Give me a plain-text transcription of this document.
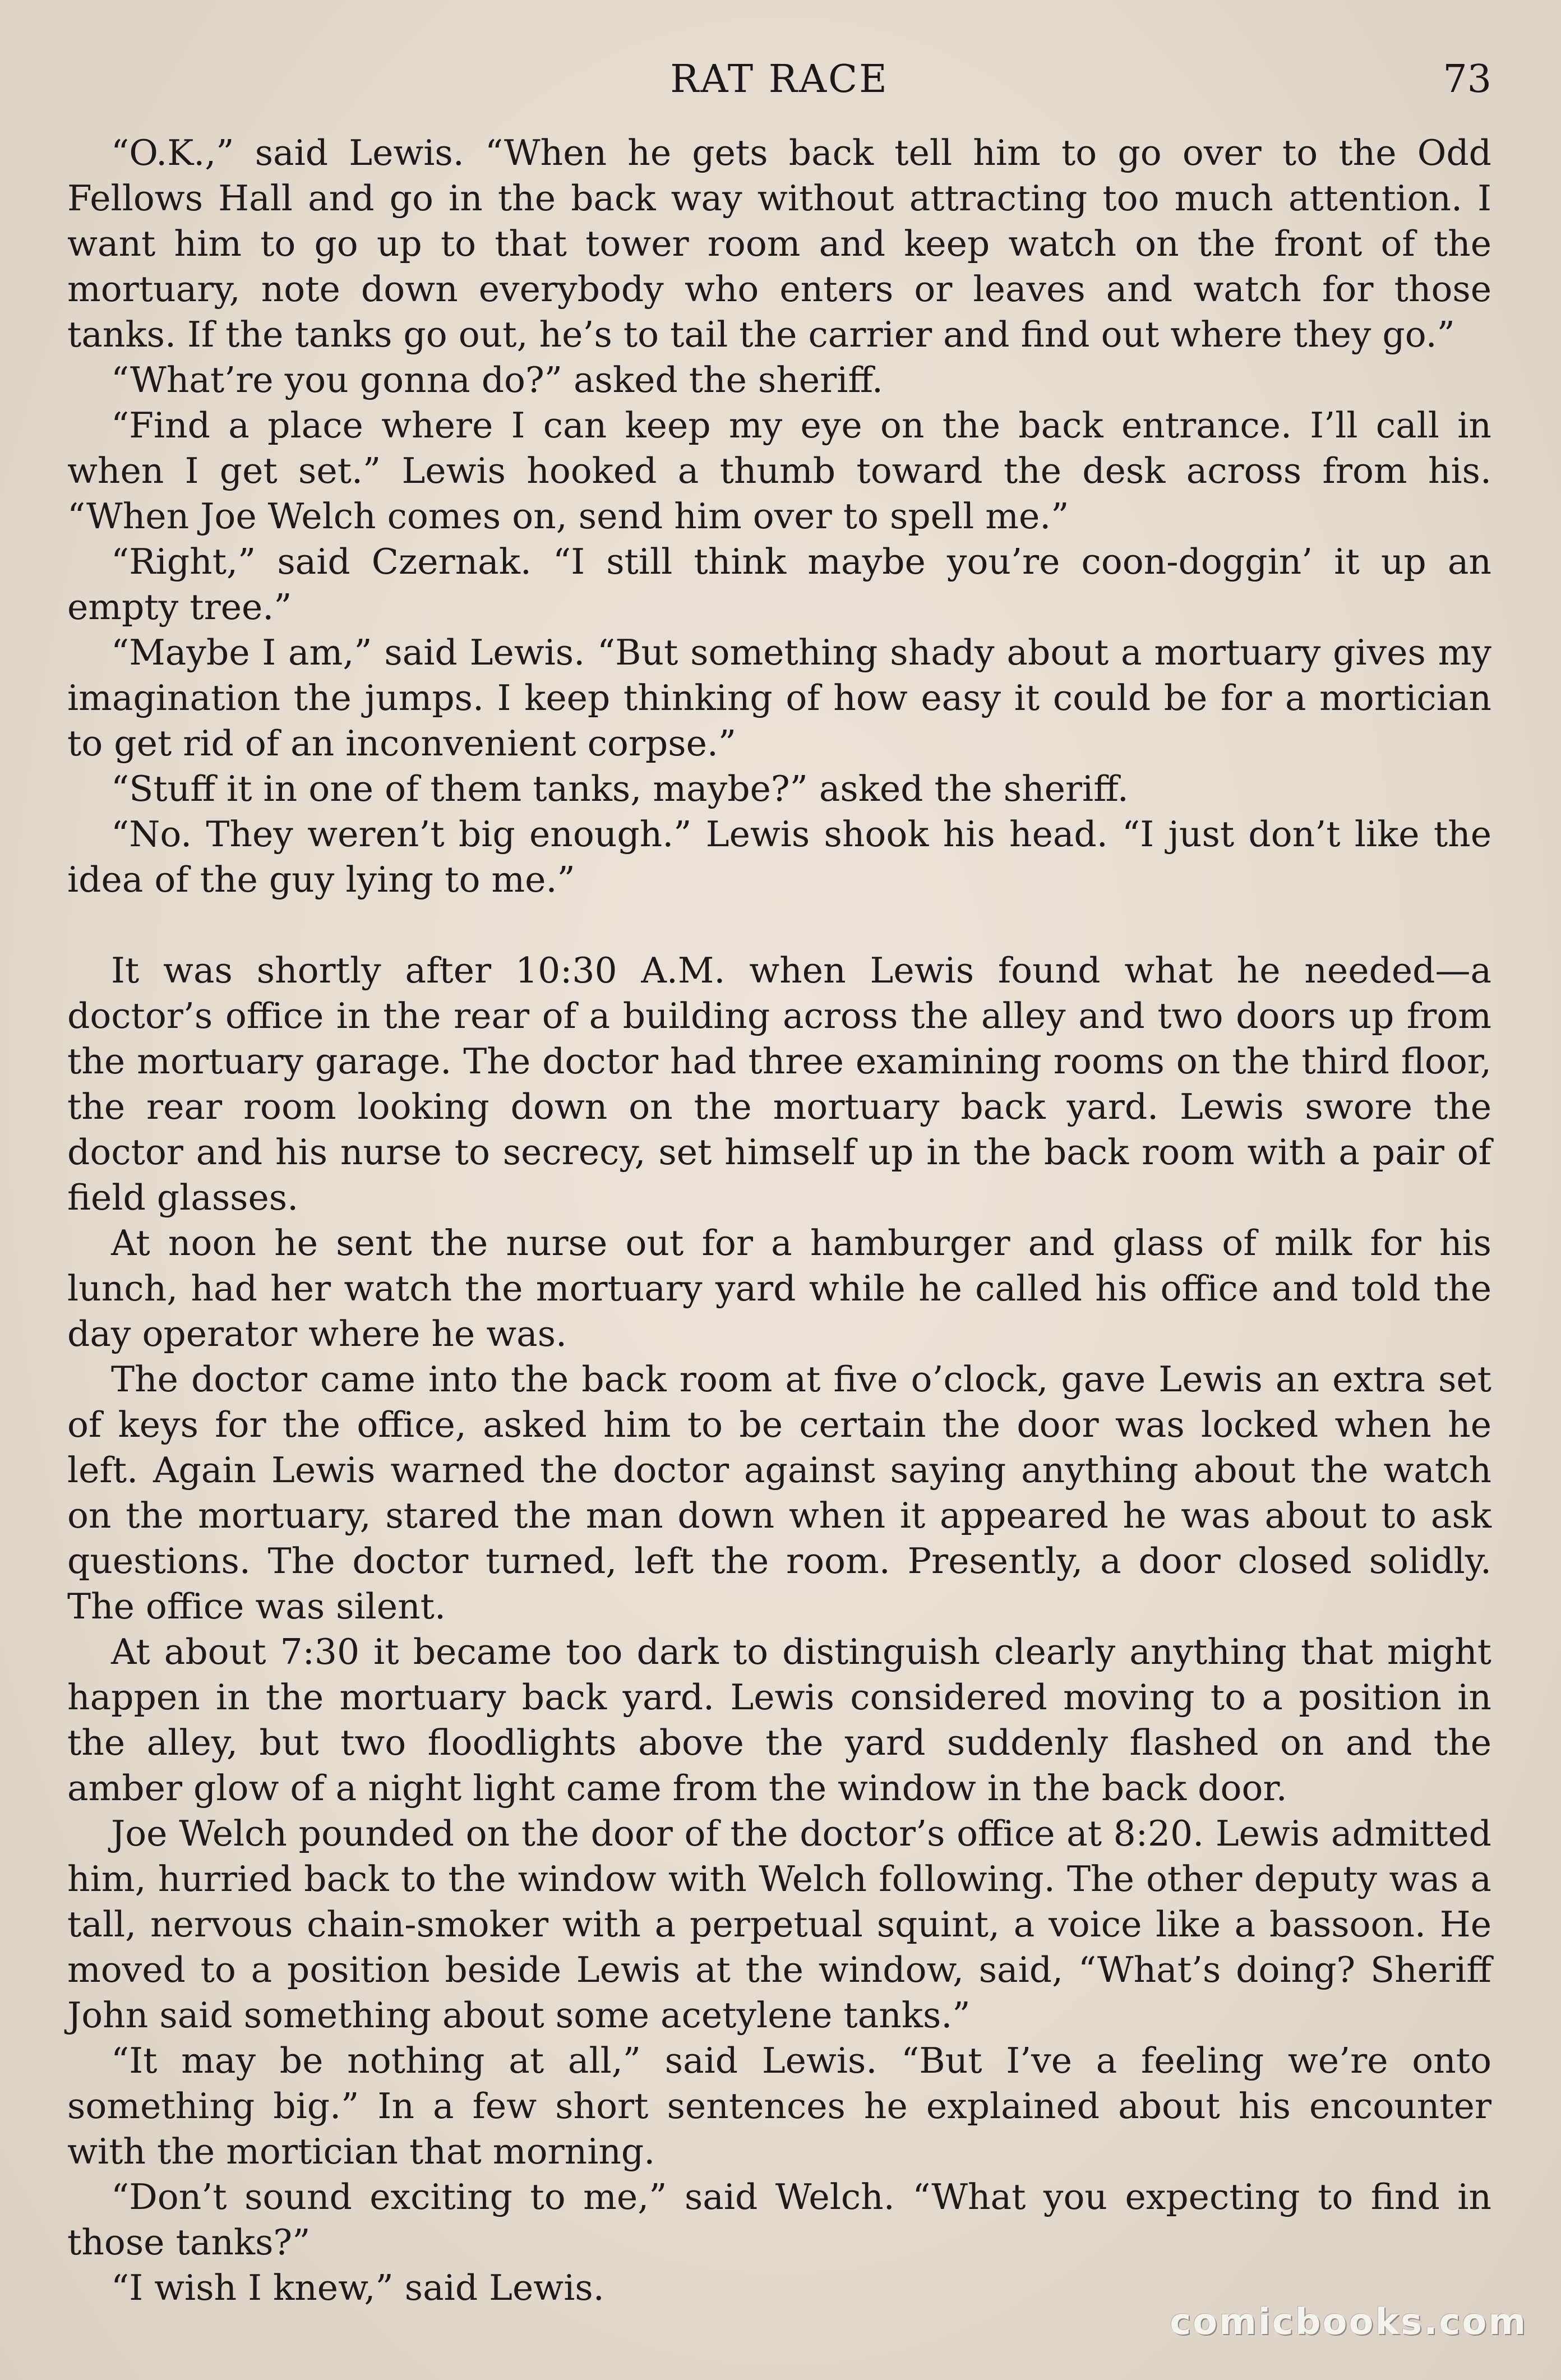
RAT RACE	73

“O.K.,” said Lewis. “When he gets back tell him to go over to the Odd Fellows Hall and go in the back way without attracting too much attention. I want him to go up to that tower room and keep watch on the front of the mortuary, note down everybody who enters or leaves and watch for those tanks. If the tanks go out, he’s to tail the carrier and find out where they go.”

“What’re you gonna do?” asked the sheriff.

“Find a place where I can keep my eye on the back entrance. I’ll call in when I get set.” Lewis hooked a thumb toward the desk across from his. “When Joe Welch comes on, send him over to spell me.”

“Right,” said Czernak. “I still think maybe you’re coon-doggin’ it up an empty tree.”

“Maybe I am,” said Lewis. “But something shady about a mortuary gives my imagination the jumps. I keep thinking of how easy it could be for a mortician to get rid of an inconvenient corpse.”

“Stuff it in one of them tanks, maybe?” asked the sheriff.

“No. They weren’t big enough.” Lewis shook his head. “I just don’t like the idea of the guy lying to me.”

It was shortly after 10:30 A.M. when Lewis found what he needed—a doctor’s office in the rear of a building across the alley and two doors up from the mortuary garage. The doctor had three examining rooms on the third floor, the rear room looking down on the mortuary back yard. Lewis swore the doctor and his nurse to secrecy, set himself up in the back room with a pair of field glasses.

At noon he sent the nurse out for a hamburger and glass of milk for his lunch, had her watch the mortuary yard while he called his office and told the day operator where he was.

The doctor came into the back room at five o’clock, gave Lewis an extra set of keys for the office, asked him to be certain the door was locked when he left. Again Lewis warned the doctor against saying anything about the watch on the mortuary, stared the man down when it appeared he was about to ask questions. The doctor turned, left the room. Presently, a door closed solidly. The office was silent.

At about 7:30 it became too dark to distinguish clearly anything that might happen in the mortuary back yard. Lewis considered moving to a position in the alley, but two floodlights above the yard suddenly flashed on and the amber glow of a night light came from the window in the back door.

Joe Welch pounded on the door of the doctor’s office at 8:20. Lewis admitted him, hurried back to the window with Welch following. The other deputy was a tall, nervous chain-smoker with a perpetual squint, a voice like a bassoon. He moved to a position beside Lewis at the window, said, “What’s doing? Sheriff John said something about some acetylene tanks.”

“It may be nothing at all,” said Lewis. “But I’ve a feeling we’re onto something big.” In a few short sentences he explained about his encounter with the mortician that morning.

“Don’t sound exciting to me,” said Welch. “What you expecting to find in those tanks?”

“I wish I knew,” said Lewis.

comicbooks.com
